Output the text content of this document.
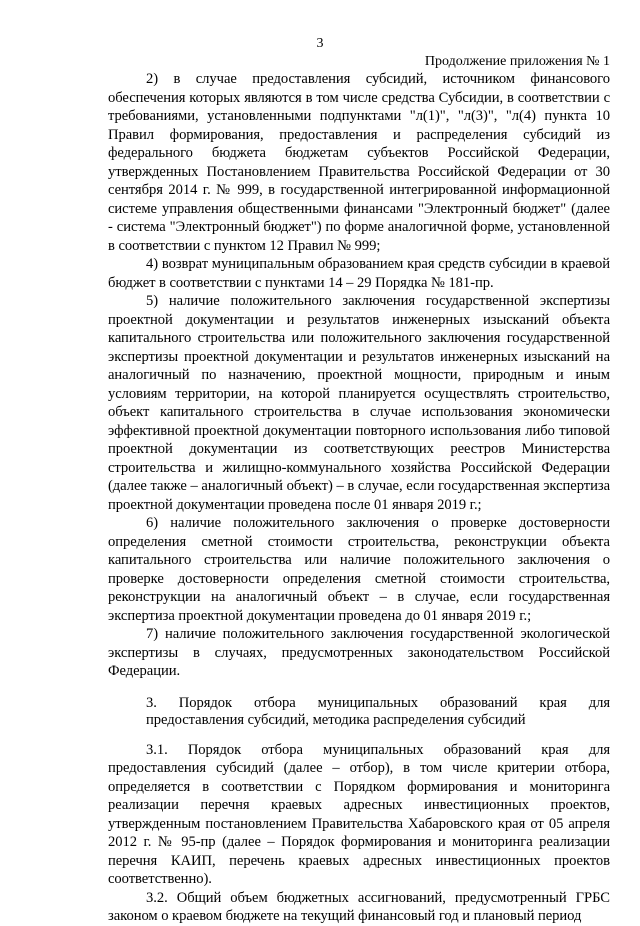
3
Продолжение приложения № 1

2) в случае предоставления субсидий, источником финансового обеспечения которых являются в том числе средства Субсидии, в соответствии с требованиями, установленными подпунктами "л(1)", "л(3)", "л(4) пункта 10 Правил формирования, предоставления и распределения субсидий из федерального бюджета бюджетам субъектов Российской Федерации, утвержденных Постановлением Правительства Российской Федерации от 30 сентября 2014 г. № 999, в государственной интегрированной информационной системе управления общественными финансами "Электронный бюджет" (далее - система "Электронный бюджет") по форме аналогичной форме, установленной в соответствии с пунктом 12 Правил № 999;

4) возврат муниципальным образованием края средств субсидии в краевой бюджет в соответствии с пунктами 14 – 29 Порядка № 181-пр.

5) наличие положительного заключения государственной экспертизы проектной документации и результатов инженерных изысканий объекта капитального строительства или положительного заключения государственной экспертизы проектной документации и результатов инженерных изысканий на аналогичный по назначению, проектной мощности, природным и иным условиям территории, на которой планируется осуществлять строительство, объект капитального строительства в случае использования экономически эффективной проектной документации повторного использования либо типовой проектной документации из соответствующих реестров Министерства строительства и жилищно-коммунального хозяйства Российской Федерации (далее также – аналогичный объект) – в случае, если государственная экспертиза проектной документации проведена после 01 января 2019 г.;

6) наличие положительного заключения о проверке достоверности определения сметной стоимости строительства, реконструкции объекта капитального строительства или наличие положительного заключения о проверке достоверности определения сметной стоимости строительства, реконструкции на аналогичный объект – в случае, если государственная экспертиза проектной документации проведена до 01 января 2019 г.;

7) наличие положительного заключения государственной экологической экспертизы в случаях, предусмотренных законодательством Российской Федерации.

3. Порядок отбора муниципальных образований края для
предоставления субсидий, методика распределения субсидий

3.1. Порядок отбора муниципальных образований края для предоставления субсидий (далее – отбор), в том числе критерии отбора, определяется в соответствии с Порядком формирования и мониторинга реализации перечня краевых адресных инвестиционных проектов, утвержденным постановлением Правительства Хабаровского края от 05 апреля 2012 г. № 95-пр (далее – Порядок формирования и мониторинга реализации перечня КАИП, перечень краевых адресных инвестиционных проектов соответственно).

3.2. Общий объем бюджетных ассигнований, предусмотренный ГРБС законом о краевом бюджете на текущий финансовый год и плановый период
